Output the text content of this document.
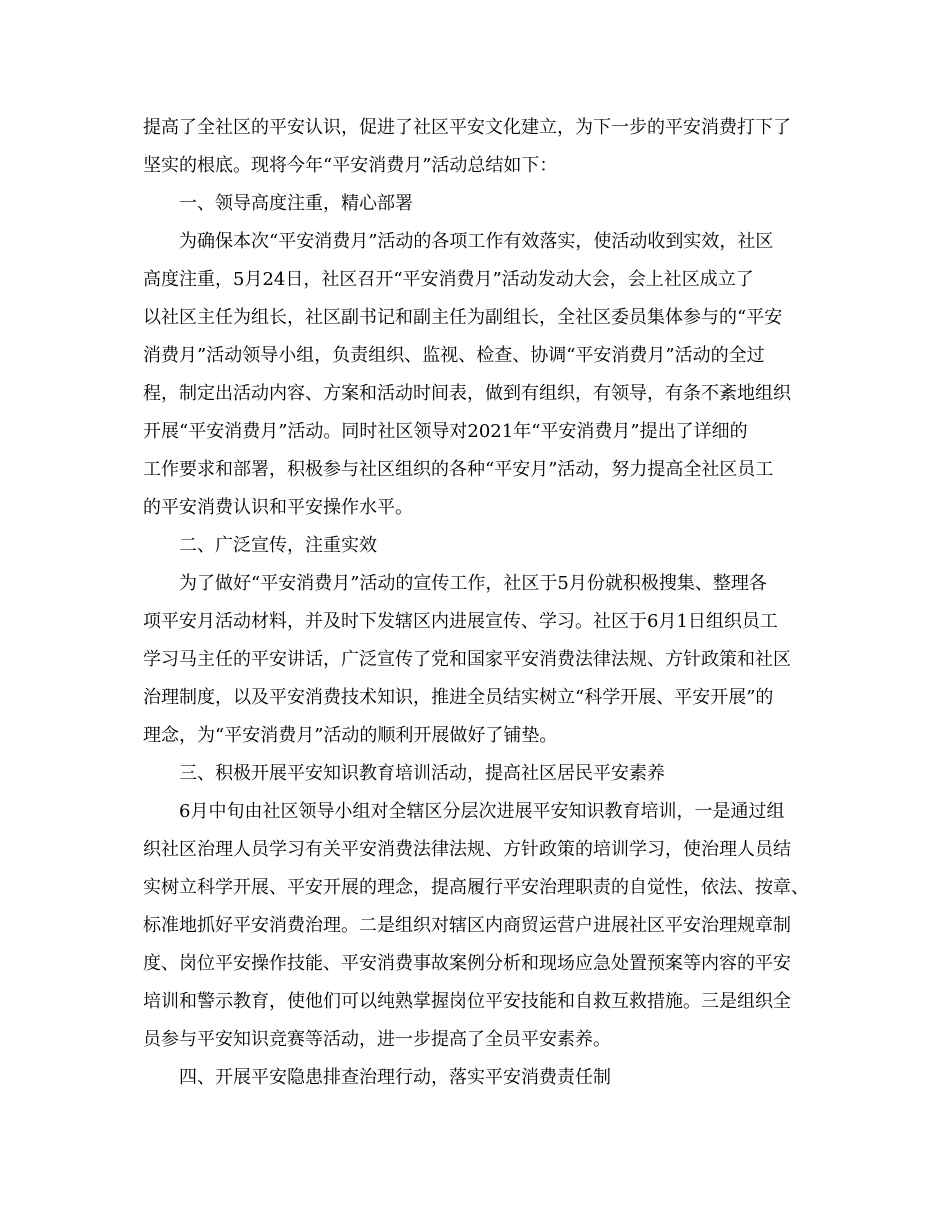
提高了全社区的平安认识，促进了社区平安文化建立，为下一步的平安消费打下了
坚实的根底。现将今年“平安消费月”活动总结如下：
　　一、领导高度注重，精心部署
　　为确保本次“平安消费月”活动的各项工作有效落实，使活动收到实效，社区
高度注重，5月24日，社区召开“平安消费月”活动发动大会，会上社区成立了
以社区主任为组长，社区副书记和副主任为副组长，全社区委员集体参与的“平安
消费月”活动领导小组，负责组织、监视、检查、协调“平安消费月”活动的全过
程，制定出活动内容、方案和活动时间表，做到有组织，有领导，有条不紊地组织
开展“平安消费月”活动。同时社区领导对2021年“平安消费月”提出了详细的
工作要求和部署，积极参与社区组织的各种“平安月”活动，努力提高全社区员工
的平安消费认识和平安操作水平。
　　二、广泛宣传，注重实效
　　为了做好“平安消费月”活动的宣传工作，社区于5月份就积极搜集、整理各
项平安月活动材料，并及时下发辖区内进展宣传、学习。社区于6月1日组织员工
学习马主任的平安讲话，广泛宣传了党和国家平安消费法律法规、方针政策和社区
治理制度，以及平安消费技术知识，推进全员结实树立“科学开展、平安开展”的
理念，为“平安消费月”活动的顺利开展做好了铺垫。
　　三、积极开展平安知识教育培训活动，提高社区居民平安素养
　　6月中旬由社区领导小组对全辖区分层次进展平安知识教育培训，一是通过组
织社区治理人员学习有关平安消费法律法规、方针政策的培训学习，使治理人员结
实树立科学开展、平安开展的理念，提高履行平安治理职责的自觉性，依法、按章、
标准地抓好平安消费治理。二是组织对辖区内商贸运营户进展社区平安治理规章制
度、岗位平安操作技能、平安消费事故案例分析和现场应急处置预案等内容的平安
培训和警示教育，使他们可以纯熟掌握岗位平安技能和自救互救措施。三是组织全
员参与平安知识竞赛等活动，进一步提高了全员平安素养。
　　四、开展平安隐患排查治理行动，落实平安消费责任制
